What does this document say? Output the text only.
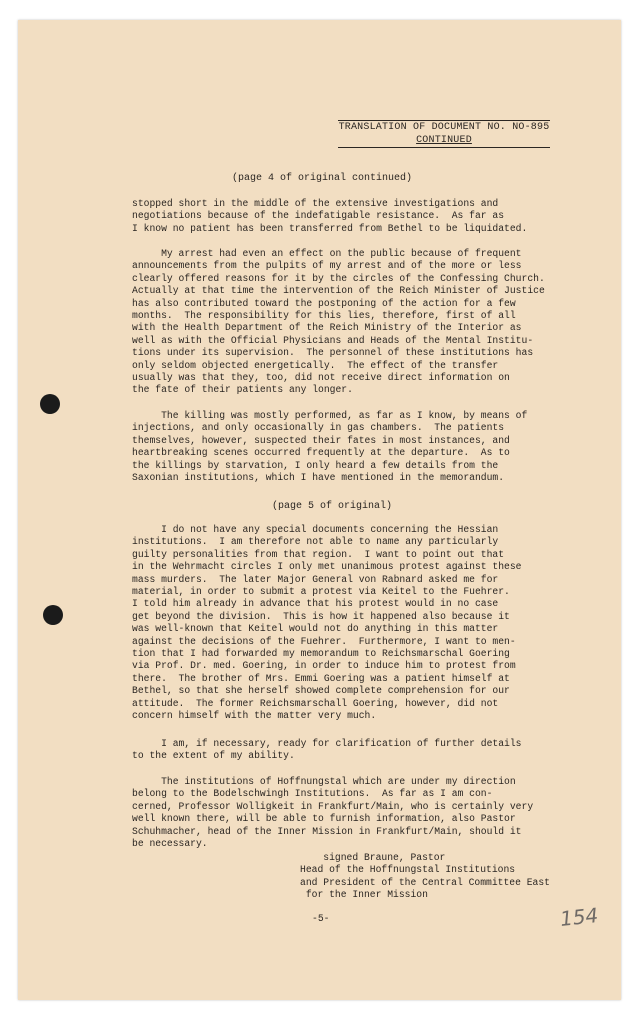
TRANSLATION OF DOCUMENT NO. NO-895
CONTINUED
(page 4 of original continued)
stopped short in the middle of the extensive investigations and
negotiations because of the indefatigable resistance.  As far as
I know no patient has been transferred from Bethel to be liquidated.
My arrest had even an effect on the public because of frequent
announcements from the pulpits of my arrest and of the more or less
clearly offered reasons for it by the circles of the Confessing Church.
Actually at that time the intervention of the Reich Minister of Justice
has also contributed toward the postponing of the action for a few
months.  The responsibility for this lies, therefore, first of all
with the Health Department of the Reich Ministry of the Interior as
well as with the Official Physicians and Heads of the Mental Institu-
tions under its supervision.  The personnel of these institutions has
only seldom objected energetically.  The effect of the transfer
usually was that they, too, did not receive direct information on
the fate of their patients any longer.
The killing was mostly performed, as far as I know, by means of
injections, and only occasionally in gas chambers.  The patients
themselves, however, suspected their fates in most instances, and
heartbreaking scenes occurred frequently at the departure.  As to
the killings by starvation, I only heard a few details from the
Saxonian institutions, which I have mentioned in the memorandum.
(page 5 of original)
I do not have any special documents concerning the Hessian
institutions.  I am therefore not able to name any particularly
guilty personalities from that region.  I want to point out that
in the Wehrmacht circles I only met unanimous protest against these
mass murders.  The later Major General von Rabnard asked me for
material, in order to submit a protest via Keitel to the Fuehrer.
I told him already in advance that his protest would in no case
get beyond the division.  This is how it happened also because it
was well-known that Keitel would not do anything in this matter
against the decisions of the Fuehrer.  Furthermore, I want to men-
tion that I had forwarded my memorandum to Reichsmarschal Goering
via Prof. Dr. med. Goering, in order to induce him to protest from
there.  The brother of Mrs. Emmi Goering was a patient himself at
Bethel, so that she herself showed complete comprehension for our
attitude.  The former Reichsmarschall Goering, however, did not
concern himself with the matter very much.
I am, if necessary, ready for clarification of further details
to the extent of my ability.
The institutions of Hoffnungstal which are under my direction
belong to the Bodelschwingh Institutions.  As far as I am con-
cerned, Professor Wolligkeit in Frankfurt/Main, who is certainly very
well known there, will be able to furnish information, also Pastor
Schuhmacher, head of the Inner Mission in Frankfurt/Main, should it
be necessary.
signed Braune, Pastor
Head of the Hoffnungstal Institutions
and President of the Central Committee East
for the Inner Mission
-5-	154
